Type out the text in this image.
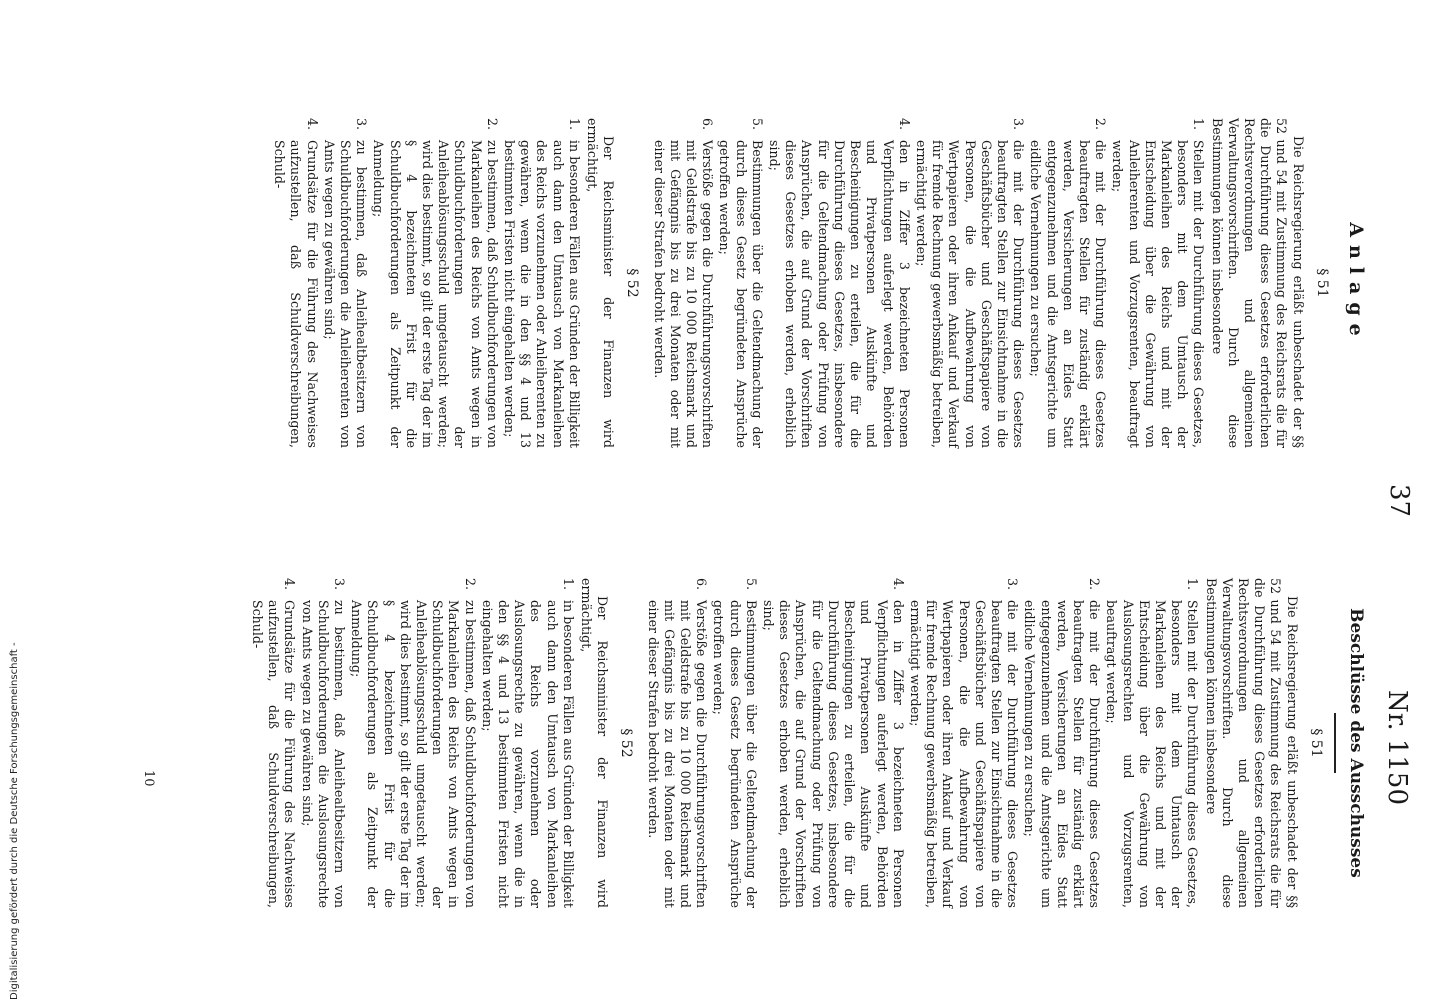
37
Nr. 1150
Anlage
§ 51
Die Reichsregierung erläßt unbeschadet der §§ 52 und 54 mit Zustimmung des Reichsrats die für die Durchführung dieses Gesetzes erforderlichen Rechtsverordnungen und allgemeinen Verwaltungsvorschriften. Durch diese Bestimmungen können insbesondere
1.
Stellen mit der Durchführung dieses Gesetzes, besonders mit dem Umtausch der Markanleihen des Reichs und mit der Entscheidung über die Gewährung von Anleiherenten und Vorzugsrenten, beauftragt werden;
2.
die mit der Durchführung dieses Gesetzes beauftragten Stellen für zuständig erklärt werden, Versicherungen an Eides Statt entgegenzunehmen und die Amtsgerichte um eidliche Vernehmungen zu ersuchen;
3.
die mit der Durchführung dieses Gesetzes beauftragten Stellen zur Einsichtnahme in die Geschäftsbücher und Geschäftspapiere von Personen, die die Aufbewahrung von Wertpapieren oder ihren Ankauf und Verkauf für fremde Rechnung gewerbsmäßig betreiben, ermächtigt werden;
4.
den in Ziffer 3 bezeichneten Personen Verpflichtungen auferlegt werden, Behörden und Privatpersonen Auskünfte und Bescheinigungen zu erteilen, die für die Durchführung dieses Gesetzes, insbesondere für die Geltendmachung oder Prüfung von Ansprüchen, die auf Grund der Vorschriften dieses Gesetzes erhoben werden, erheblich sind;
5.
Bestimmungen über die Geltendmachung der durch dieses Gesetz begründeten Ansprüche getroffen werden;
6.
Verstöße gegen die Durchführungsvorschriften mit Geldstrafe bis zu 10 000 Reichsmark und mit Gefängnis bis zu drei Monaten oder mit einer dieser Strafen bedroht werden.
§ 52
Der Reichsminister der Finanzen wird ermächtigt,
1.
in besonderen Fällen aus Gründen der Billigkeit auch dann den Umtausch von Markanleihen des Reichs vorzunehmen oder Anleiherenten zu gewähren, wenn die in den §§ 4 und 13 bestimmten Fristen nicht eingehalten werden;
2.
zu bestimmen, daß Schuldbuchforderungen von Markanleihen des Reichs von Amts wegen in Schuldbuchforderungen der Anleiheablösungsschuld umgetauscht werden; wird dies bestimmt, so gilt der erste Tag der im § 4 bezeichneten Frist für die Schuldbuchforderungen als Zeitpunkt der Anmeldung;
3.
zu bestimmen, daß Anleihealtbesitzern von Schuldbuchforderungen die Anleiherenten von Amts wegen zu gewähren sind;
4.
Grundsätze für die Führung des Nachweises aufzustellen, daß Schuldverschreibungen, Schuld-
Beschlüsse des Ausschusses
§ 51
Die Reichsregierung erläßt unbeschadet der §§ 52 und 54 mit Zustimmung des Reichsrats die für die Durchführung dieses Gesetzes erforderlichen Rechtsverordnungen und allgemeinen Verwaltungsvorschriften. Durch diese Bestimmungen können insbesondere
1.
Stellen mit der Durchführung dieses Gesetzes, besonders mit dem Umtausch der Markanleihen des Reichs und mit der Entscheidung über die Gewährung von Auslosungsrechten und Vorzugsrenten, beauftragt werden;
2.
die mit der Durchführung dieses Gesetzes beauftragten Stellen für zuständig erklärt werden, Versicherungen an Eides Statt entgegenzunehmen und die Amtsgerichte um eidliche Vernehmungen zu ersuchen;
3.
die mit der Durchführung dieses Gesetzes beauftragten Stellen zur Einsichtnahme in die Geschäftsbücher und Geschäftspapiere von Personen, die die Aufbewahrung von Wertpapieren oder ihren Ankauf und Verkauf für fremde Rechnung gewerbsmäßig betreiben, ermächtigt werden;
4.
den in Ziffer 3 bezeichneten Personen Verpflichtungen auferlegt werden, Behörden und Privatpersonen Auskünfte und Bescheinigungen zu erteilen, die für die Durchführung dieses Gesetzes, insbesondere für die Geltendmachung oder Prüfung von Ansprüchen, die auf Grund der Vorschriften dieses Gesetzes erhoben werden, erheblich sind;
5.
Bestimmungen über die Geltendmachung der durch dieses Gesetz begründeten Ansprüche getroffen werden;
6.
Verstöße gegen die Durchführungsvorschriften mit Geldstrafe bis zu 10 000 Reichsmark und mit Gefängnis bis zu drei Monaten oder mit einer dieser Strafen bedroht werden.
§ 52
Der Reichsminister der Finanzen wird ermächtigt,
1.
in besonderen Fällen aus Gründen der Billigkeit auch dann den Umtausch von Markanleihen des Reichs vorzunehmen oder Auslosungsrechte zu gewähren, wenn die in den §§ 4 und 13 bestimmten Fristen nicht eingehalten werden;
2.
zu bestimmen, daß Schuldbuchforderungen von Markanleihen des Reichs von Amts wegen in Schuldbuchforderungen der Anleiheablösungsschuld umgetauscht werden; wird dies bestimmt, so gilt der erste Tag der im § 4 bezeichneten Frist für die Schuldbuchforderungen als Zeitpunkt der Anmeldung;
3.
zu bestimmen, daß Anleihealtbesitzern von Schuldbuchforderungen die Auslosungsrechte von Amts wegen zu gewähren sind;
4.
Grundsätze für die Führung des Nachweises aufzustellen, daß Schuldverschreibungen, Schuld-
10
Digitalisierung gefördert durch die Deutsche Forschungsgemeinschaft -
